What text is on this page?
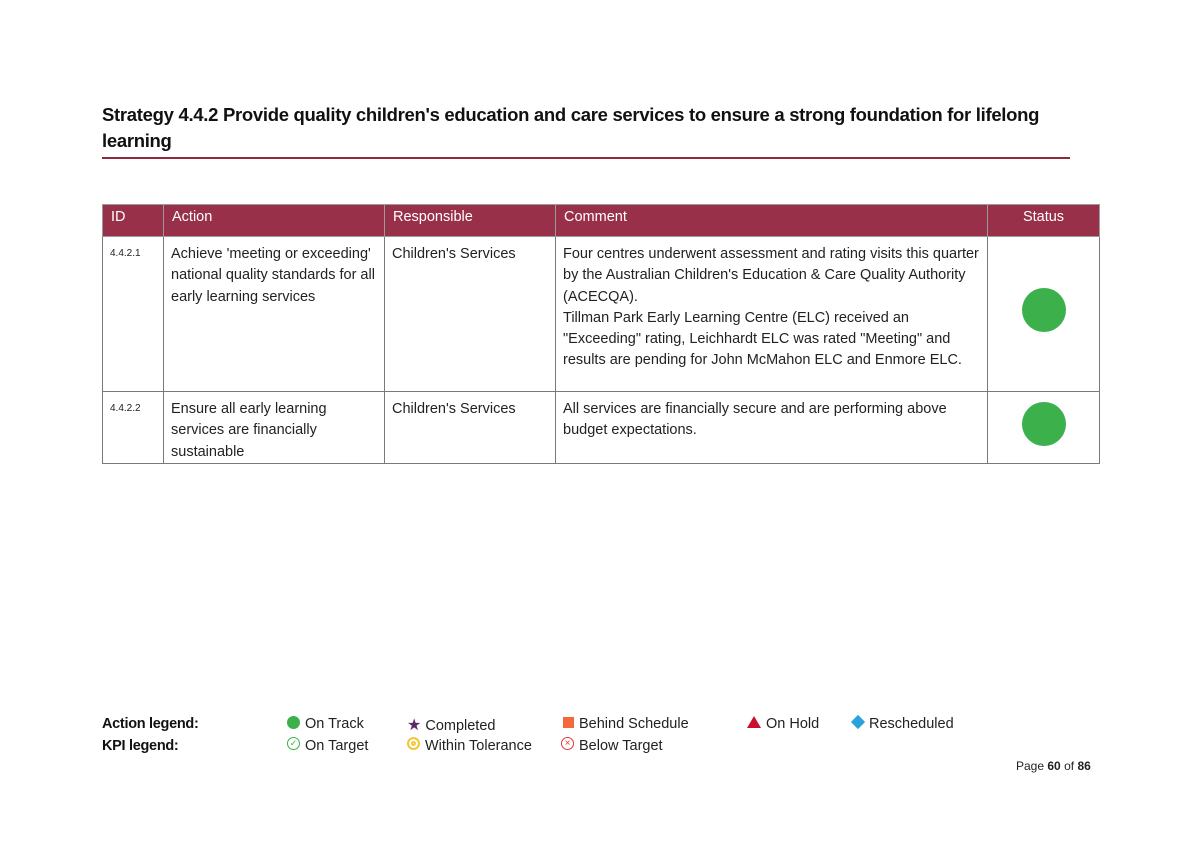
Strategy 4.4.2 Provide quality children's education and care services to ensure a strong foundation for lifelong learning
ID	Action	Responsible	Comment	Status
4.4.2.1	Achieve 'meeting or exceeding' national quality standards for all early learning services	Children's Services	Four centres underwent assessment and rating visits this quarter by the Australian Children's Education & Care Quality Authority (ACECQA).
Tillman Park Early Learning Centre (ELC) received an "Exceeding" rating, Leichhardt ELC was rated "Meeting" and results are pending for John McMahon ELC and Enmore ELC.	

4.4.2.2	Ensure all early learning services are financially sustainable	Children's Services	All services are financially secure and are performing above budget expectations.	

Action legend:	On Track	★ Completed	Behind Schedule	On Hold	Rescheduled
KPI legend:	✓ On Target	Within Tolerance	× Below Target
Page 60 of 86
